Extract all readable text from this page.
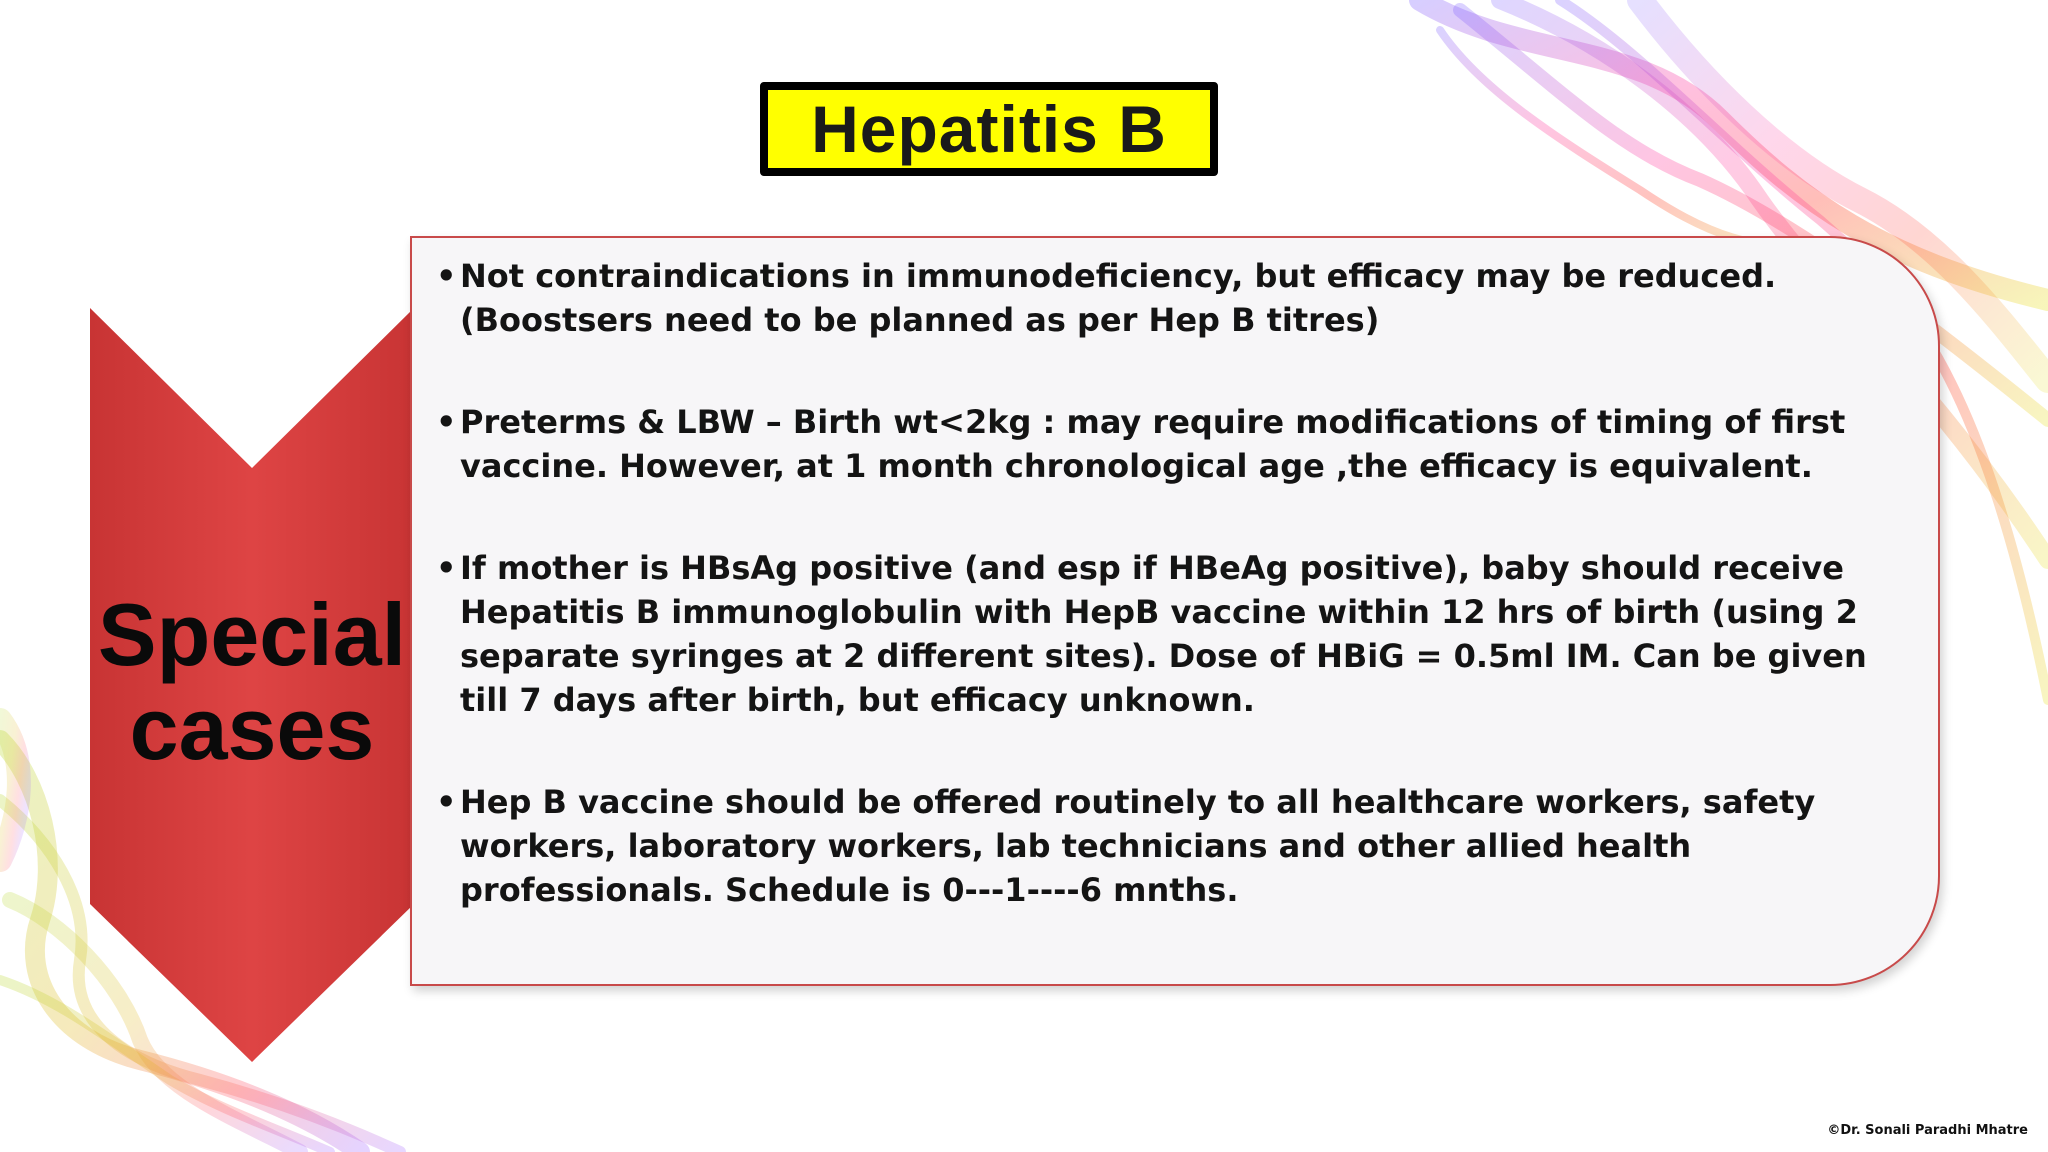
Hepatitis B
Special
cases
• Not contraindications in immunodeficiency, but efficacy may be reduced. (Boostsers need to be planned as per Hep B titres)
• Preterms & LBW – Birth wt<2kg : may require modifications of timing of first vaccine. However, at 1 month chronological age ,the efficacy is equivalent.
• If mother is HBsAg positive (and esp if HBeAg positive), baby should receive Hepatitis B immunoglobulin with HepB vaccine within 12 hrs of birth (using 2 separate syringes at 2 different sites). Dose of HBiG = 0.5ml IM. Can be given till 7 days after birth, but efficacy unknown.
• Hep B vaccine should be offered routinely to all healthcare workers, safety workers, laboratory workers, lab technicians and other allied health professionals. Schedule is 0---1----6 mnths.
©Dr. Sonali Paradhi Mhatre
